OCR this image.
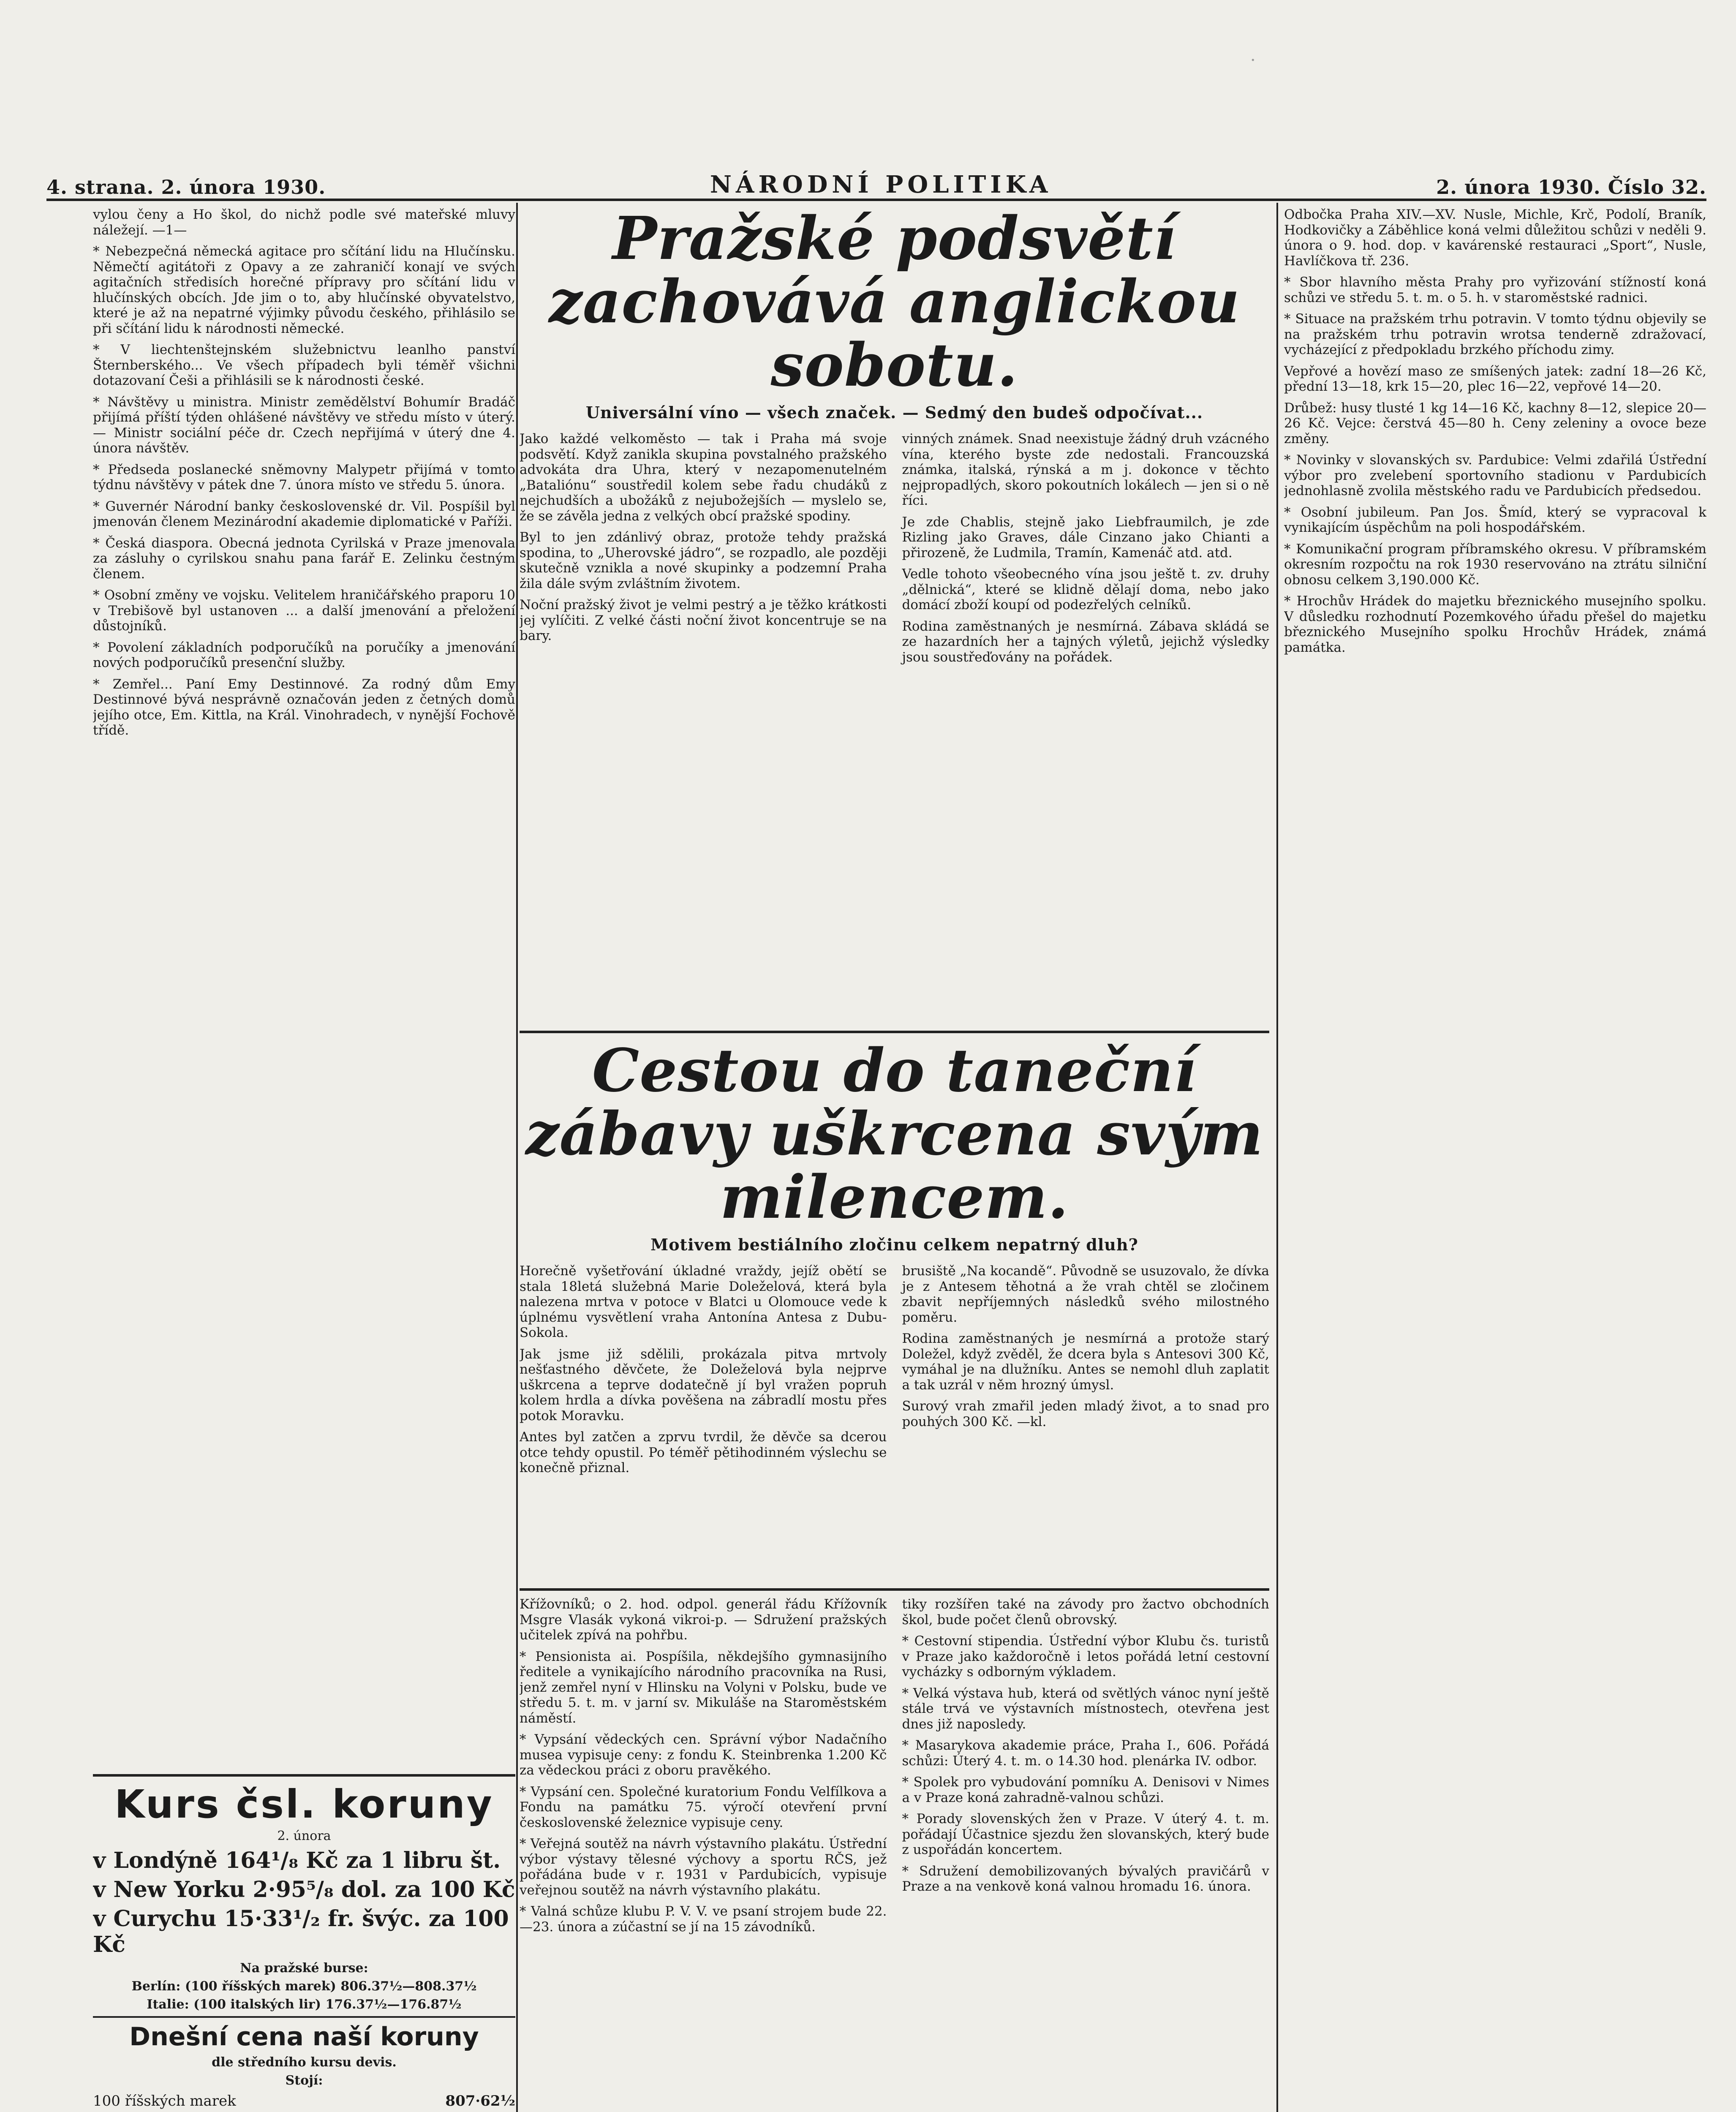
·
4. strana. 2. února 1930.	NÁRODNÍ POLITIKA	2. února 1930. Číslo 32.

vylou čeny a Ho škol, do nichž podle své mateřské mluvy náležejí. —1—

* Nebezpečná německá agitace pro sčítání lidu na Hlučínsku. Němečtí agitátoři z Opavy a ze zahraničí konají ve svých agitačních středisích horečné přípravy pro sčítání lidu v hlučínských obcích. Jde jim o to, aby hlučínské obyvatelstvo, které je až na nepatrné výjimky původu českého, přihlásilo se při sčítání lidu k národnosti německé.

* V liechtenštejnském služebnictvu leanlho panství Šternberského... Ve všech případech byli téměř všichni dotazovaní Češi a přihlásili se k národnosti české.

* Návštěvy u ministra. Ministr zemědělství Bohumír Bradáč přijímá příští týden ohlášené návštěvy ve středu místo v úterý. — Ministr sociální péče dr. Czech nepřijímá v úterý dne 4. února návštěv.

* Předseda poslanecké sněmovny Malypetr přijímá v tomto týdnu návštěvy v pátek dne 7. února místo ve středu 5. února.

* Guvernér Národní banky československé dr. Vil. Pospíšil byl jmenován členem Mezinárodní akademie diplomatické v Paříži.

* Česká diaspora. Obecná jednota Cyrilská v Praze jmenovala za zásluhy o cyrilskou snahu pana farář E. Zelinku čestným členem.

* Osobní změny ve vojsku. Velitelem hraničářského praporu 10 v Trebišově byl ustanoven ... a další jmenování a přeložení důstojníků.

* Povolení základních podporučíků na poručíky a jmenování nových podporučíků presenční služby.

* Zemřel... Paní Emy Destinnové. Za rodný dům Emy Destinnové bývá nesprávně označován jeden z četných domů jejího otce, Em. Kittla, na Král. Vinohradech, v nynější Fochově třídě.

Kurs čsl. koruny

2. února

v Londýně 164¹/₈ Kč za 1 libru št.

v New Yorku 2·95⁵/₈ dol. za 100 Kč

v Curychu 15·33¹/₂ fr. švýc. za 100 Kč

Na pražské burse:

Berlín: (100 říšských marek) 806.37½—808.37½

Italie: (100 italských lir) 176.37½—176.87½

Dnešní cena naší koruny

dle středního kursu devis.

Stojí:

100 říšských marek	807·62½

Pražské podsvětí zachovává anglickou sobotu.

Universální víno — všech značek. — Sedmý den budeš odpočívat...

Jako každé velkoměsto — tak i Praha má svoje podsvětí. Když zanikla skupina povstalného pražského advokáta dra Uhra, který v nezapomenutelném „Bataliónu“ soustředil kolem sebe řadu chudáků z nejchudších a ubožáků z nejubožejších — myslelo se, že se závěla jedna z velkých obcí pražské spodiny.

Byl to jen zdánlivý obraz, protože tehdy pražská spodina, to „Uherovské jádro“, se rozpadlo, ale později skutečně vznikla a nové skupinky a podzemní Praha žila dále svým zvláštním životem.

Noční pražský život je velmi pestrý a je těžko krátkosti jej vylíčiti. Z velké části noční život koncentruje se na bary.

vinných známek. Snad neexistuje žádný druh vzácného vína, kterého byste zde nedostali. Francouzská známka, italská, rýnská a m j. dokonce v těchto nejpropadlých, skoro pokoutních lokálech — jen si o ně říci.

Je zde Chablis, stejně jako Liebfraumilch, je zde Rizling jako Graves, dále Cinzano jako Chianti a přirozeně, že Ludmila, Tramín, Kamenáč atd. atd.

Vedle tohoto všeobecného vína jsou ještě t. zv. druhy „dělnická“, které se klidně dělají doma, nebo jako domácí zboží koupí od podezřelých celníků.

Rodina zaměstnaných je nesmírná. Zábava skládá se ze hazardních her a tajných výletů, jejichž výsledky jsou soustřeďovány na pořádek.

Cestou do taneční zábavy uškrcena svým milencem.

Motivem bestiálního zločinu celkem nepatrný dluh?

Horečně vyšetřování úkladné vraždy, jejíž obětí se stala 18letá služebná Marie Doleželová, která byla nalezena mrtva v potoce v Blatci u Olomouce vede k úplnému vysvětlení vrahа Antonína Antesa z Dubu-Sokola.

Jak jsme již sdělili, prokázala pitva mrtvoly nešťastného děvčete, že Doleželová byla nejprve uškrcena a teprve dodatečně jí byl vražen popruh kolem hrdla a dívka pověšena na zábradlí mostu přes potok Moravku.

Antes byl zatčen a zprvu tvrdil, že děvče sa dcerou otce tehdy opustil. Po téměř pětihodinném výslechu se konečně přiznal.

brusiště „Na kocandě“. Původně se usuzovalo, že dívka je z Antesem těhotná a že vrah chtěl se zločinem zbavit nepříjemných následků svého milostného poměru.

Rodina zaměstnaných je nesmírná a protože starý Doležel, když zvěděl, že dcera byla s Antesovi 300 Kč, vymáhal je na dlužníku. Antes se nemohl dluh zaplatit a tak uzrál v něm hrozný úmysl.

Surový vrah zmařil jeden mladý život, a to snad pro pouhých 300 Kč. —kl.

Křížovníků; o 2. hod. odpol. generál řádu Křížovník Msgre Vlasák vykoná vikroi-p. — Sdružení pražských učitelek zpívá na pohřbu.

* Pensionista ai. Pospíšila, někdejšího gymnasijního ředitele a vynikajícího národního pracovníka na Rusi, jenž zemřel nyní v Hlinsku na Volyni v Polsku, bude ve středu 5. t. m. v jarní sv. Mikuláše na Staroměstském náměstí.

* Vypsání vědeckých cen. Správní výbor Nadačního musea vypisuje ceny: z fondu K. Steinbrenka 1.200 Kč za vědeckou práci z oboru pravěkého.

* Vypsání cen. Společné kuratorium Fondu Velfílkova a Fondu na památku 75. výročí otevření první československé železnice vypisuje ceny.

* Veřejná soutěž na návrh výstavního plakátu. Ústřední výbor výstavy tělesné výchovy a sportu RČS, jež pořádána bude v r. 1931 v Pardubicích, vypisuje veřejnou soutěž na návrh výstavního plakátu.

* Valná schůze klubu P. V. V. ve psaní strojem bude 22.—23. února a zúčastní se jí na 15 závodníků.

tiky rozšířen také na závody pro žactvo obchodních škol, bude počet členů obrovský.

* Cestovní stipendia. Ústřední výbor Klubu čs. turistů v Praze jako každoročně i letos pořádá letní cestovní vycházky s odborným výkladem.

* Velká výstava hub, která od světlých vánoc nyní ještě stále trvá ve výstavních místnostech, otevřena jest dnes již naposledy.

* Masarykova akademie práce, Praha I., 606. Pořádá schůzi: Úterý 4. t. m. o 14.30 hod. plenárka IV. odbor.

* Spolek pro vybudování pomníku A. Denisovi v Nimes a v Praze koná zahradně-valnou schůzi.

* Porady slovenských žen v Praze. V úterý 4. t. m. pořádají Účastnice sjezdu žen slovanských, který bude z uspořádán koncertem.

* Sdružení demobilizovaných bývalých pravičárů v Praze a na venkově koná valnou hromadu 16. února.

Odbočka Praha XIV.—XV. Nusle, Michle, Krč, Podolí, Braník, Hodkovičky a Záběhlice koná velmi důležitou schůzi v neděli 9. února o 9. hod. dop. v kavárenské restauraci „Sport“, Nusle, Havlíčkova tř. 236.

* Sbor hlavního města Prahy pro vyřizování stížností koná schůzi ve středu 5. t. m. o 5. h. v staroměstské radnici.

* Situace na pražském trhu potravin. V tomto týdnu objevily se na pražském trhu potravin wrotsa tenderně zdražovací, vycházející z předpokladu brzkého příchodu zimy.

Vepřové a hovězí maso ze smíšených jatek: zadní 18—26 Kč, přední 13—18, krk 15—20, plec 16—22, vepřové 14—20.

Drůbež: husy tlusté 1 kg 14—16 Kč, kachny 8—12, slepice 20—26 Kč. Vejce: čerstvá 45—80 h. Ceny zeleniny a ovoce beze změny.

* Novinky v slovanských sv. Pardubice: Velmi zdařilá Ústřední výbor pro zvelebení sportovního stadionu v Pardubicích jednohlasně zvolila městského radu ve Pardubicích předsedou.

* Osobní jubileum. Pan Jos. Šmíd, který se vypracoval k vynikajícím úspěchům na poli hospodářském.

* Komunikační program příbramského okresu. V příbramském okresním rozpočtu na rok 1930 reservováno na ztrátu silniční obnosu celkem 3,190.000 Kč.

* Hrochův Hrádek do majetku březnického musejního spolku. V důsledku rozhodnutí Pozemkového úřadu přešel do majetku březnického Musejního spolku Hrochův Hrádek, známá památka.
